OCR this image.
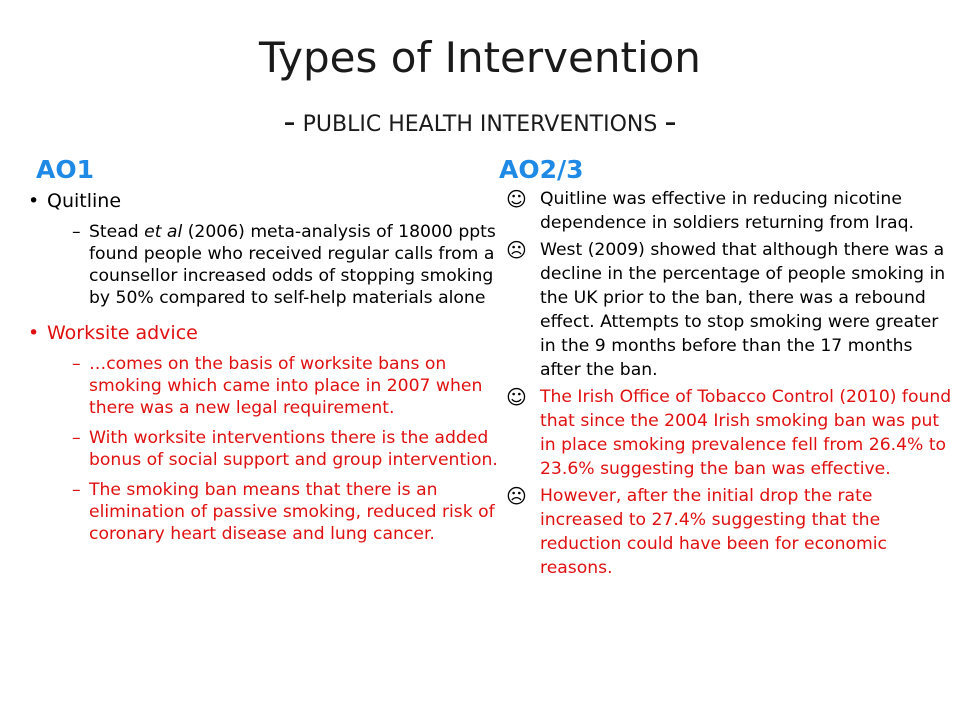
Types of Intervention
- PUBLIC HEALTH INTERVENTIONS -
AO1	AO2/3
• Quitline
– Stead et al (2006) meta-analysis of 18000 ppts found people who received regular calls from a counsellor increased odds of stopping smoking by 50% compared to self-help materials alone
• Worksite advice
– …comes on the basis of worksite bans on smoking which came into place in 2007 when there was a new legal requirement.
– With worksite interventions there is the added bonus of social support and group intervention.
– The smoking ban means that there is an elimination of passive smoking, reduced risk of coronary heart disease and lung cancer.
☺ Quitline was effective in reducing nicotine dependence in soldiers returning from Iraq.
☹ West (2009) showed that although there was a decline in the percentage of people smoking in the UK prior to the ban, there was a rebound effect. Attempts to stop smoking were greater in the 9 months before than the 17 months after the ban.
☺ The Irish Office of Tobacco Control (2010) found that since the 2004 Irish smoking ban was put in place smoking prevalence fell from 26.4% to 23.6% suggesting the ban was effective.
☹ However, after the initial drop the rate increased to 27.4% suggesting that the reduction could have been for economic reasons.
